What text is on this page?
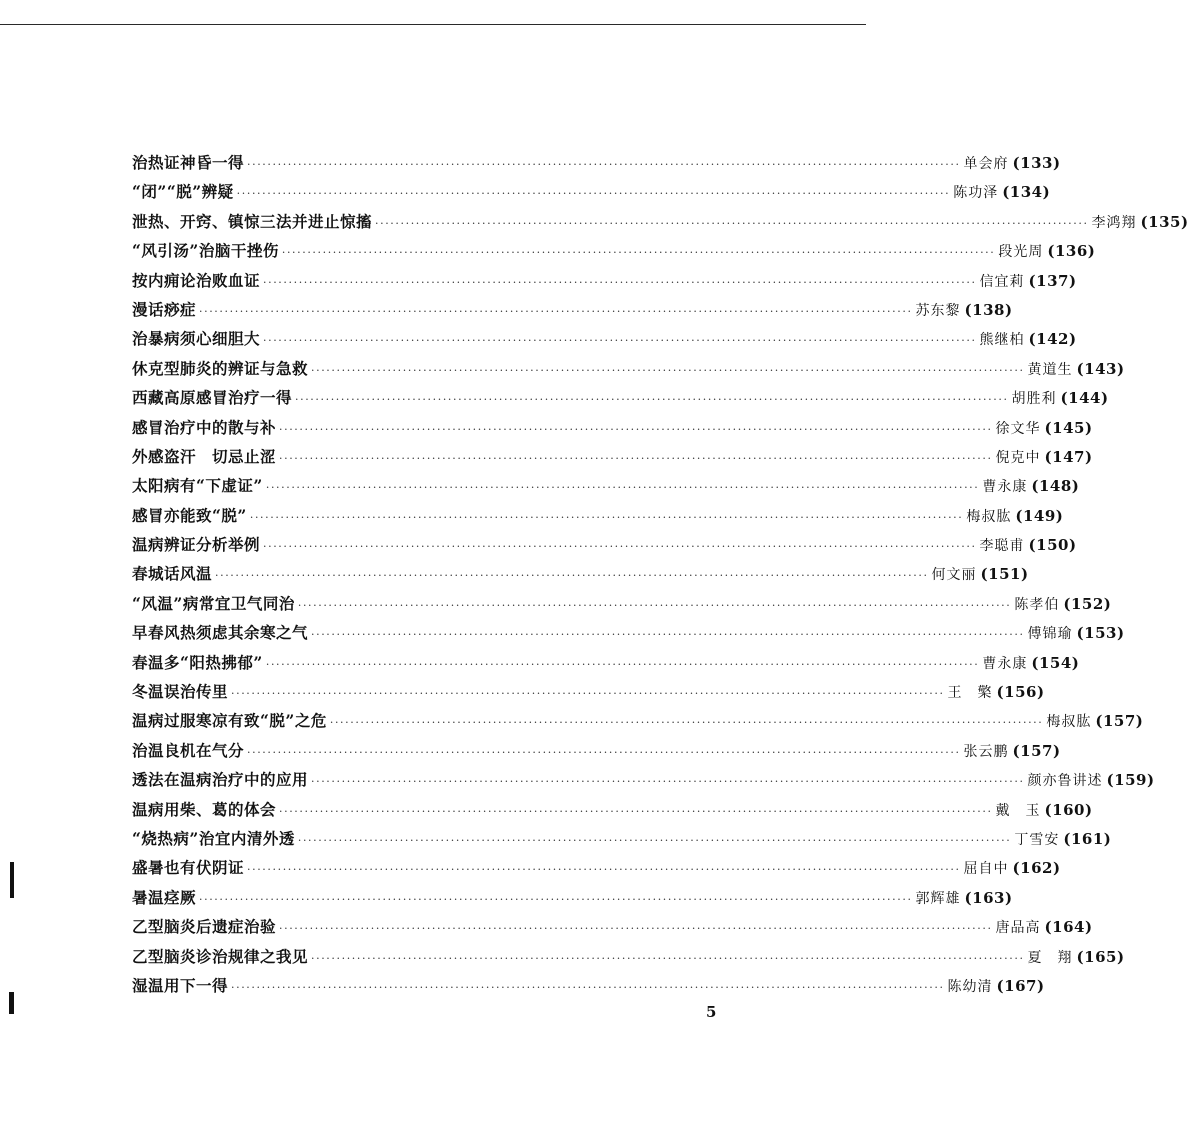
治热证神昏一得 ············································································································································ 单会府 (133)
“闭”“脱”辨疑 ············································································································································ 陈功泽 (134)
泄热、开窍、镇惊三法并进止惊搐 ············································································································································ 李鸿翔 (135)
“风引汤”治脑干挫伤 ············································································································································ 段光周 (136)
按内痈论治败血证 ············································································································································ 信宜莉 (137)
漫话痧症 ············································································································································ 苏东黎 (138)
治暴病须心细胆大 ············································································································································ 熊继柏 (142)
休克型肺炎的辨证与急救 ············································································································································ 黄道生 (143)
西藏高原感冒治疗一得 ············································································································································ 胡胜利 (144)
感冒治疗中的散与补 ············································································································································ 徐文华 (145)
外感盗汗　切忌止涩 ············································································································································ 倪克中 (147)
太阳病有“下虚证” ············································································································································ 曹永康 (148)
感冒亦能致“脱” ············································································································································ 梅叔肱 (149)
温病辨证分析举例 ············································································································································ 李聪甫 (150)
春城话风温 ············································································································································ 何文丽 (151)
“风温”病常宜卫气同治 ············································································································································ 陈孝伯 (152)
早春风热须虑其余寒之气 ············································································································································ 傅锦瑜 (153)
春温多“阳热拂郁” ············································································································································ 曹永康 (154)
冬温误治传里 ············································································································································ 王　檠 (156)
温病过服寒凉有致“脱”之危 ············································································································································ 梅叔肱 (157)
治温良机在气分 ············································································································································ 张云鹏 (157)
透法在温病治疗中的应用 ············································································································································ 颜亦鲁讲述 (159)
温病用柴、葛的体会 ············································································································································ 戴　玉 (160)
“烧热病”治宜内清外透 ············································································································································ 丁雪安 (161)
盛暑也有伏阴证 ············································································································································ 屈自中 (162)
暑温痉厥 ············································································································································ 郭辉雄 (163)
乙型脑炎后遗症治验 ············································································································································ 唐品高 (164)
乙型脑炎诊治规律之我见 ············································································································································ 夏　翔 (165)
湿温用下一得 ············································································································································ 陈幼清 (167)
5
